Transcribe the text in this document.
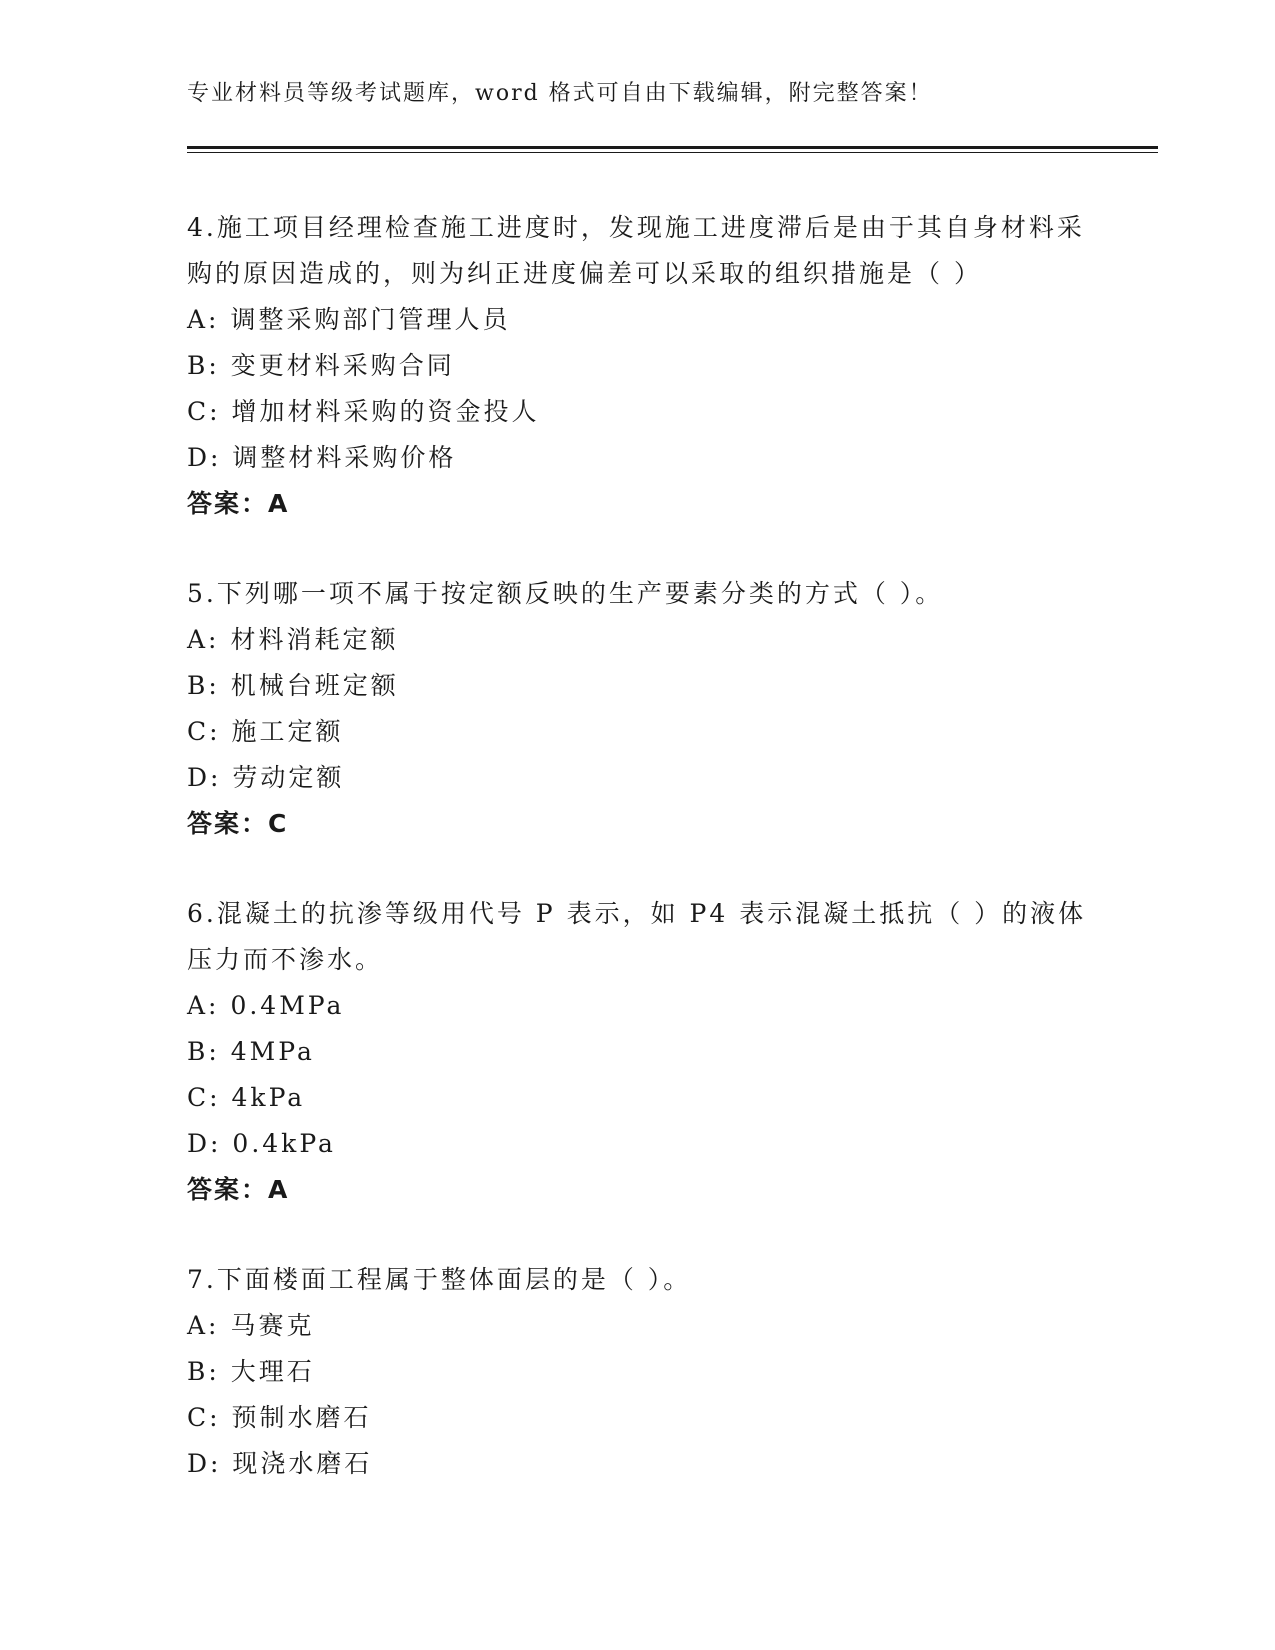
专业材料员等级考试题库，word 格式可自由下载编辑，附完整答案！
4.施工项目经理检查施工进度时，发现施工进度滞后是由于其自身材料采购的原因造成的，则为纠正进度偏差可以采取的组织措施是（ ）
A: 调整采购部门管理人员
B: 变更材料采购合同
C: 增加材料采购的资金投人
D: 调整材料采购价格
答案：A
5.下列哪一项不属于按定额反映的生产要素分类的方式（ ）。
A: 材料消耗定额
B: 机械台班定额
C: 施工定额
D: 劳动定额
答案：C
6.混凝土的抗渗等级用代号 P 表示，如 P4 表示混凝土抵抗（ ）的液体压力而不渗水。
A: 0.4MPa
B: 4MPa
C: 4kPa
D: 0.4kPa
答案：A
7.下面楼面工程属于整体面层的是（ ）。
A: 马赛克
B: 大理石
C: 预制水磨石
D: 现浇水磨石
